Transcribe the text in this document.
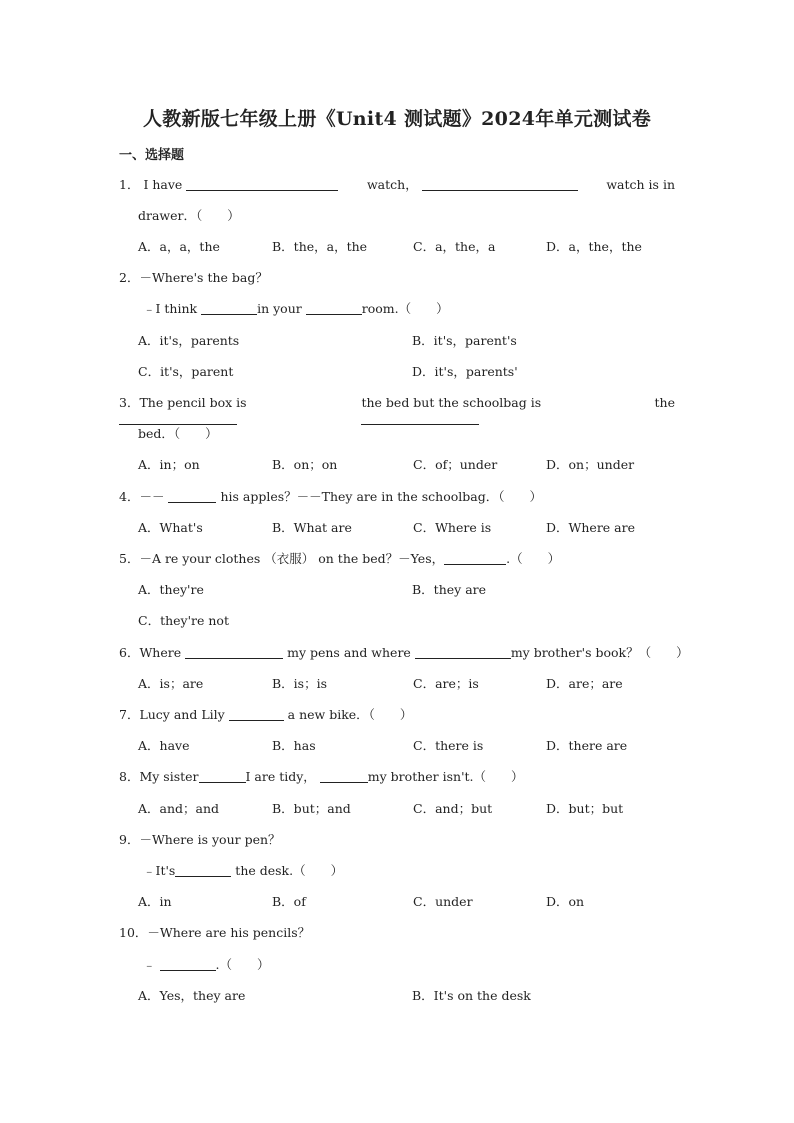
人教新版七年级上册《Unit4 测试题》2024年单元测试卷
一、选择题
1． I have	watch，	watch is in
drawer．（　　）
A．a，a，the	B．the，a，the	C．a，the，a	D．a，the，the
2．－Where's the bag？
﹣I think	in your	room.（　　）
A．it's，parents	B．it's，parent's
C．it's，parent	D．it's，parents'
3．The pencil box is	the bed but the schoolbag is	the
bed．（　　）
A．in；on	B．on；on	C．of；under	D．on；under
4．－－	his apples？－－They are in the schoolbag．（　　）
A．What's	B．What are	C．Where is	D．Where are
5．－A re your clothes （衣服） on the bed？－Yes，	.（　　）
A．they're	B．they are
C．they're not
6．Where	my pens and where	my brother's book？（　　）
A．is；are	B．is；is	C．are；is	D．are；are
7．Lucy and Lily	a new bike．（　　）
A．have	B．has	C．there is	D．there are
8．My sister	I are tidy，	my brother isn't.（　　）
A．and；and	B．but；and	C．and；but	D．but；but
9．－Where is your pen？
﹣It's	the desk.（　　）
A．in	B．of	C．under	D．on
10．－Where are his pencils？
﹣	.（　　）
A．Yes，they are	B．It's on the desk
